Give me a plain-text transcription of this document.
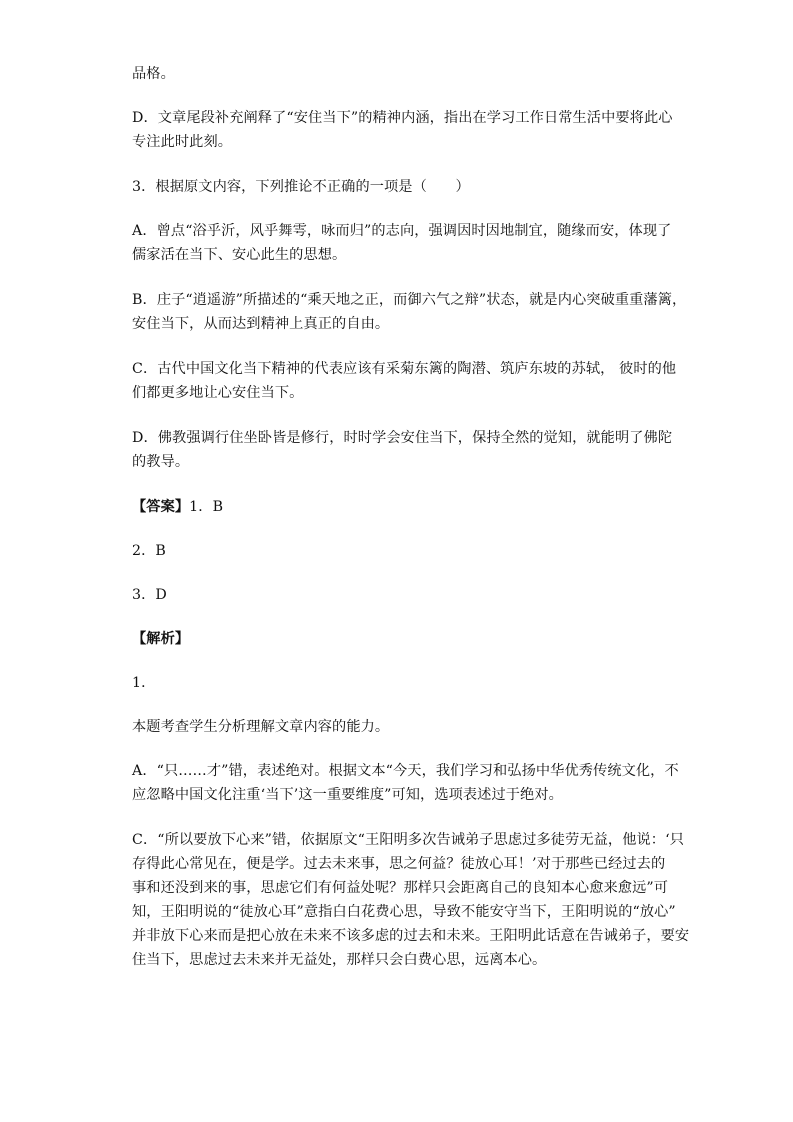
品格。

D．文章尾段补充阐释了“安住当下”的精神内涵，指出在学习工作日常生活中要将此心
专注此时此刻。

3．根据原文内容，下列推论不正确的一项是（　　）

A．曾点“浴乎沂，风乎舞雩，咏而归”的志向，强调因时因地制宜，随缘而安，体现了
儒家活在当下、安心此生的思想。

B．庄子“逍遥游”所描述的“乘天地之正，而御六气之辩”状态，就是内心突破重重藩篱，
安住当下，从而达到精神上真正的自由。

C．古代中国文化当下精神的代表应该有采菊东篱的陶潜、筑庐东坡的苏轼， 彼时的他
们都更多地让心安住当下。

D．佛教强调行住坐卧皆是修行，时时学会安住当下，保持全然的觉知，就能明了佛陀
的教导。

【答案】1．B

2．B

3．D

【解析】

1．

本题考查学生分析理解文章内容的能力。

A．“只……才”错，表述绝对。根据文本“今天，我们学习和弘扬中华优秀传统文化，不
应忽略中国文化注重‘当下’这一重要维度”可知，选项表述过于绝对。

C．“所以要放下心来”错，依据原文“王阳明多次告诫弟子思虑过多徒劳无益，他说：‘只
存得此心常见在，便是学。过去未来事，思之何益？徒放心耳！’对于那些已经过去的
事和还没到来的事，思虑它们有何益处呢？那样只会距离自己的良知本心愈来愈远”可
知，王阳明说的“徒放心耳”意指白白花费心思，导致不能安守当下，王阳明说的“放心”
并非放下心来而是把心放在未来不该多虑的过去和未来。王阳明此话意在告诫弟子，要安
住当下，思虑过去未来并无益处，那样只会白费心思，远离本心。
